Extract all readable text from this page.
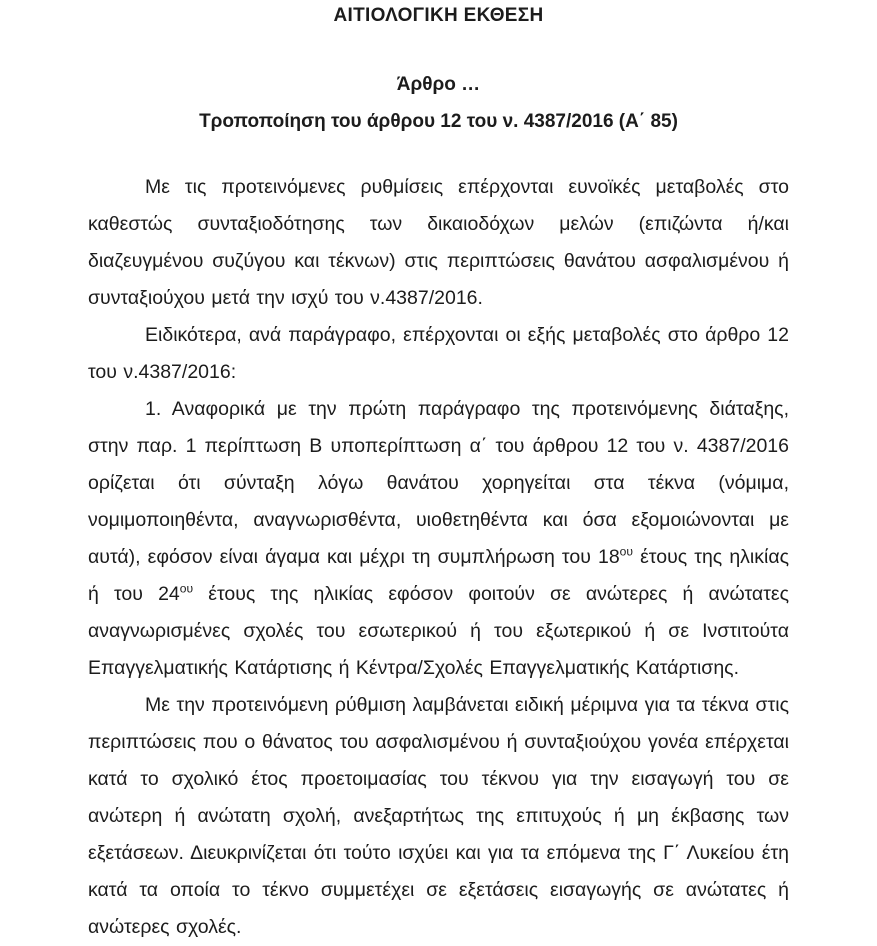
ΑΙΤΙΟΛΟΓΙΚΗ ΕΚΘΕΣΗ
Άρθρο …
Τροποποίηση του άρθρου 12 του ν. 4387/2016 (Α΄ 85)

Με τις προτεινόμενες ρυθμίσεις επέρχονται ευνοϊκές μεταβολές στο καθεστώς συνταξιοδότησης των δικαιοδόχων μελών (επιζώντα ή/και διαζευγμένου συζύγου και τέκνων) στις περιπτώσεις θανάτου ασφαλισμένου ή συνταξιούχου μετά την ισχύ του ν.4387/2016.

Ειδικότερα, ανά παράγραφο, επέρχονται οι εξής μεταβολές στο άρθρο 12 του ν.4387/2016:

1. Αναφορικά με την πρώτη παράγραφο της προτεινόμενης διάταξης, στην παρ. 1 περίπτωση Β υποπερίπτωση α΄ του άρθρου 12 του ν. 4387/2016 ορίζεται ότι σύνταξη λόγω θανάτου χορηγείται στα τέκνα (νόμιμα, νομιμοποιηθέντα, αναγνωρισθέντα, υιοθετηθέντα και όσα εξομοιώνονται με αυτά), εφόσον είναι άγαμα και μέχρι τη συμπλήρωση του $18^{o\upsilon}$ έτους της ηλικίας ή του $24^{o\upsilon}$ έτους της ηλικίας εφόσον φοιτούν σε ανώτερες ή ανώτατες αναγνωρισμένες σχολές του εσωτερικού ή του εξωτερικού ή σε Ινστιτούτα Επαγγελματικής Κατάρτισης ή Κέντρα/Σχολές Επαγγελματικής Κατάρτισης.

Με την προτεινόμενη ρύθμιση λαμβάνεται ειδική μέριμνα για τα τέκνα στις περιπτώσεις που ο θάνατος του ασφαλισμένου ή συνταξιούχου γονέα επέρχεται κατά το σχολικό έτος προετοιμασίας του τέκνου για την εισαγωγή του σε ανώτερη ή ανώτατη σχολή, ανεξαρτήτως της επιτυχούς ή μη έκβασης των εξετάσεων. Διευκρινίζεται ότι τούτο ισχύει και για τα επόμενα της Γ΄ Λυκείου έτη κατά τα οποία το τέκνο συμμετέχει σε εξετάσεις εισαγωγής σε ανώτατες ή ανώτερες σχολές.
